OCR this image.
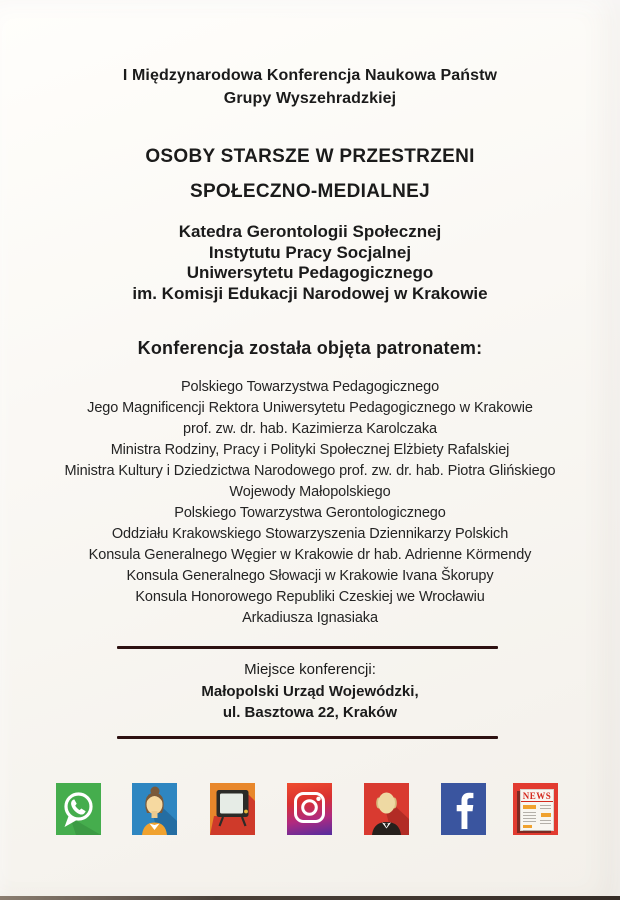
I Międzynarodowa Konferencja Naukowa Państw
Grupy Wyszehradzkiej
OSOBY STARSZE W PRZESTRZENI
SPOŁECZNO-MEDIALNEJ
Katedra Gerontologii Społecznej
Instytutu Pracy Socjalnej
Uniwersytetu Pedagogicznego
im. Komisji Edukacji Narodowej w Krakowie
Konferencja została objęta patronatem:
Polskiego Towarzystwa Pedagogicznego
Jego Magnificencji Rektora Uniwersytetu Pedagogicznego w Krakowie
prof. zw. dr. hab. Kazimierza Karolczaka
Ministra Rodziny, Pracy i Polityki Społecznej Elżbiety Rafalskiej
Ministra Kultury i Dziedzictwa Narodowego prof. zw. dr. hab. Piotra Glińskiego
Wojewody Małopolskiego
Polskiego Towarzystwa Gerontologicznego
Oddziału Krakowskiego Stowarzyszenia Dziennikarzy Polskich
Konsula Generalnego Węgier w Krakowie dr hab. Adrienne Körmendy
Konsula Generalnego Słowacji w Krakowie Ivana Škorupy
Konsula Honorowego Republiki Czeskiej we Wrocławiu
Arkadiusza Ignasiaka
Miejsce konferencji:
Małopolski Urząd Wojewódzki,
ul. Basztowa 22, Kraków
NEWS
